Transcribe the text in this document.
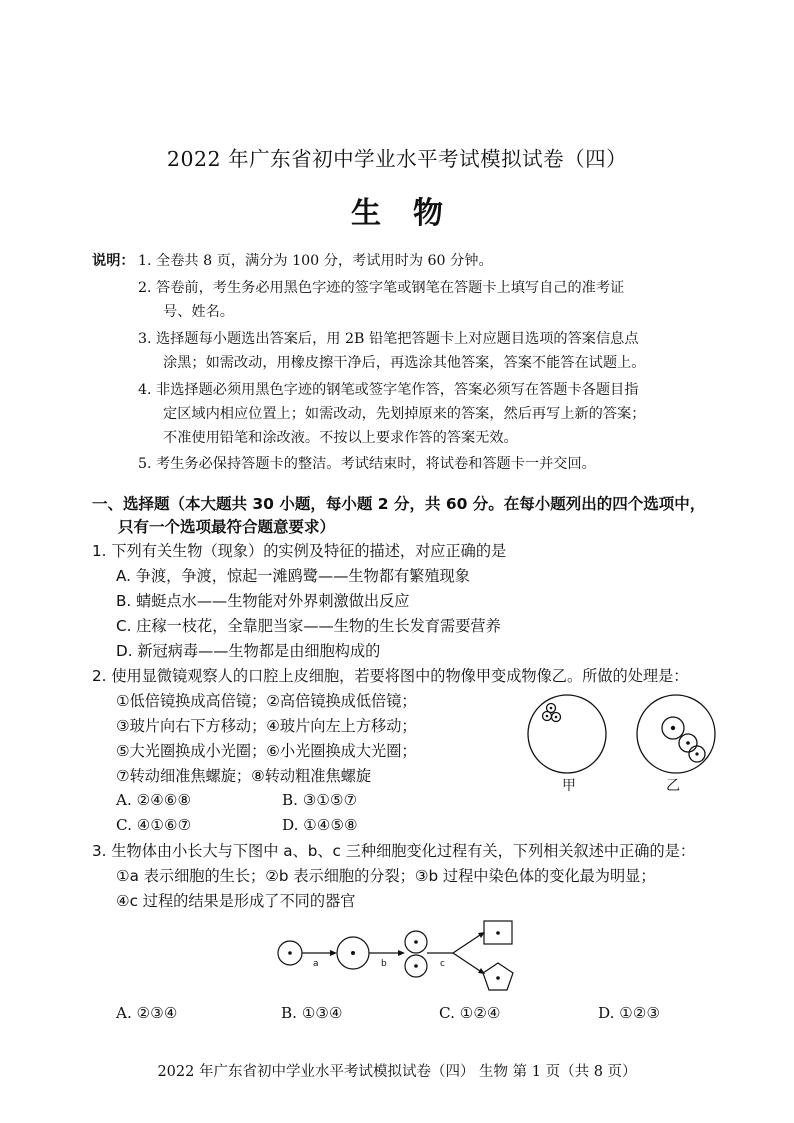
2022 年广东省初中学业水平考试模拟试卷（四）
生物
说明： 1. 全卷共 8 页，满分为 100 分，考试用时为 60 分钟。
2. 答卷前，考生务必用黑色字迹的签字笔或钢笔在答题卡上填写自己的准考证
号、姓名。
3. 选择题每小题选出答案后，用 2B 铅笔把答题卡上对应题目选项的答案信息点
涂黑；如需改动，用橡皮擦干净后，再选涂其他答案，答案不能答在试题上。
4. 非选择题必须用黑色字迹的钢笔或签字笔作答，答案必须写在答题卡各题目指
定区域内相应位置上；如需改动，先划掉原来的答案，然后再写上新的答案；
不准使用铅笔和涂改液。不按以上要求作答的答案无效。
5. 考生务必保持答题卡的整洁。考试结束时，将试卷和答题卡一并交回。
一、选择题（本大题共 30 小题，每小题 2 分，共 60 分。在每小题列出的四个选项中，
只有一个选项最符合题意要求）
1. 下列有关生物（现象）的实例及特征的描述，对应正确的是
A. 争渡，争渡，惊起一滩鸥鹭——生物都有繁殖现象
B. 蜻蜓点水——生物能对外界刺激做出反应
C. 庄稼一枝花，全靠肥当家——生物的生长发育需要营养
D. 新冠病毒——生物都是由细胞构成的
2. 使用显微镜观察人的口腔上皮细胞，若要将图中的物像甲变成物像乙。所做的处理是：
①低倍镜换成高倍镜；②高倍镜换成低倍镜；
③玻片向右下方移动；④玻片向左上方移动；
⑤大光圈换成小光圈；⑥小光圈换成大光圈；
⑦转动细准焦螺旋；⑧转动粗准焦螺旋
A. ②④⑥⑧	B. ③①⑤⑦
C. ④①⑥⑦	D. ①④⑤⑧
甲	乙
3. 生物体由小长大与下图中 a、b、c 三种细胞变化过程有关，下列相关叙述中正确的是：
①a 表示细胞的生长；②b 表示细胞的分裂；③b 过程中染色体的变化最为明显；
④c 过程的结果是形成了不同的器官
a	b	c
A. ②③④	B. ①③④	C. ①②④	D. ①②③
2022 年广东省初中学业水平考试模拟试卷（四） 生物 第 1 页（共 8 页）
